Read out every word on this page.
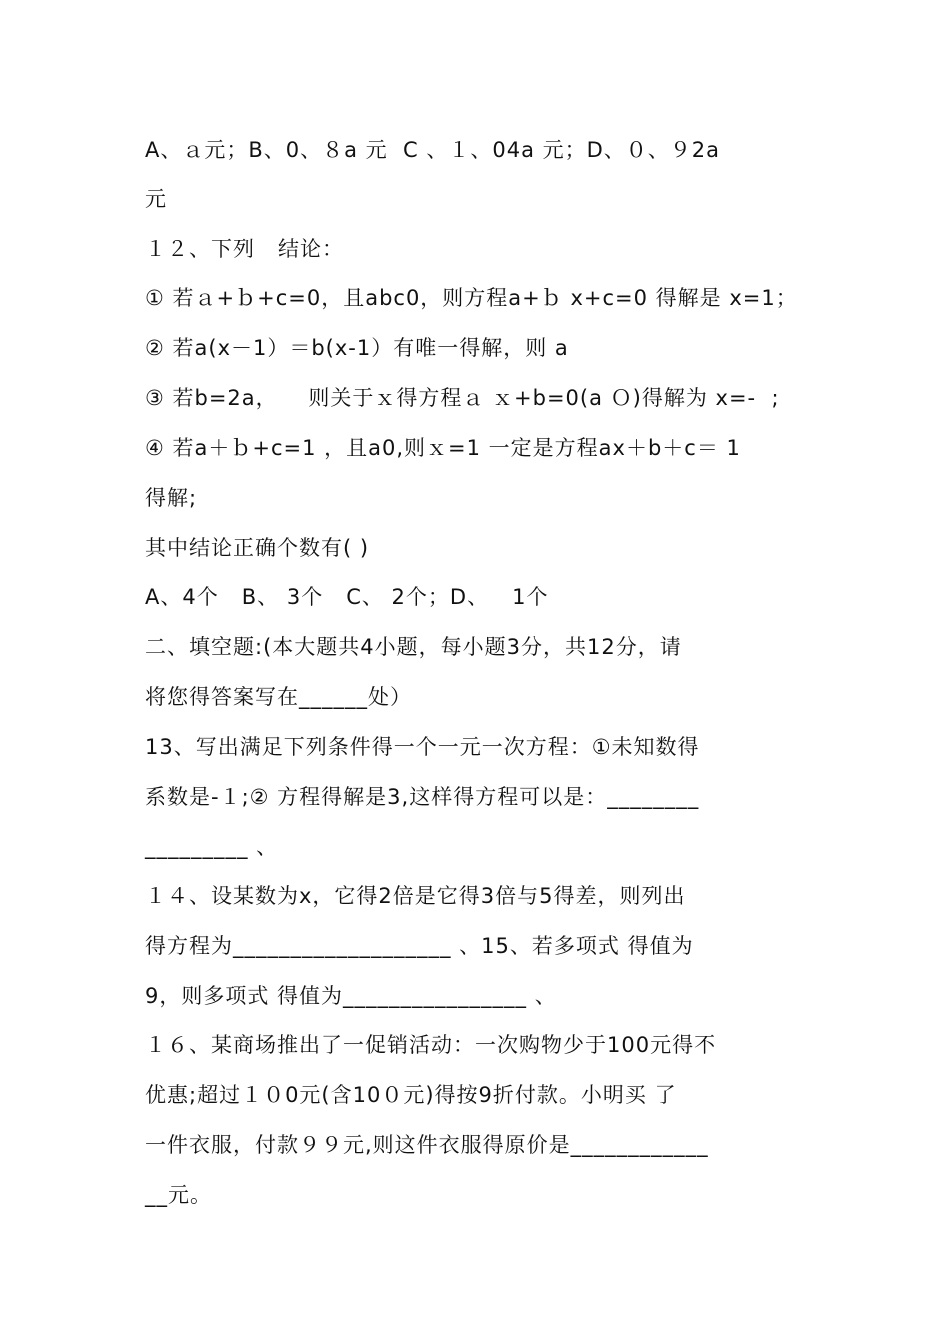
A、ａ元；B、0、８a 元  C 、１、04a 元；D、０、９2a
元
１２、下列   结论：
① 若ａ+ｂ+c=0，且abc0，则方程a+ｂ x+c=0 得解是 x=1；
② 若a(x－1）＝b(x-1）有唯一得解，则 a
③ 若b=2a，    则关于ｘ得方程ａ ｘ+b=0(a Ｏ)得解为 x=-  ;
④ 若a＋ｂ+c=1 ，且a0,则ｘ=1 一定是方程ax＋b＋c＝ 1
得解;
其中结论正确个数有( )
A、4个   B、 3个   C、 2个；D、   1个
二、填空题:(本大题共4小题，每小题3分，共12分，请
将您得答案写在______处）
13、写出满足下列条件得一个一元一次方程：①未知数得
系数是-１;② 方程得解是3,这样得方程可以是：________
_________ 、
１４、设某数为x，它得2倍是它得3倍与5得差，则列出
得方程为___________________ 、15、若多项式 得值为
9，则多项式 得值为________________ 、
１６、某商场推出了一促销活动：一次购物少于100元得不
优惠;超过１０0元(含10０元)得按9折付款。小明买 了
一件衣服，付款９９元,则这件衣服得原价是____________
__元。
